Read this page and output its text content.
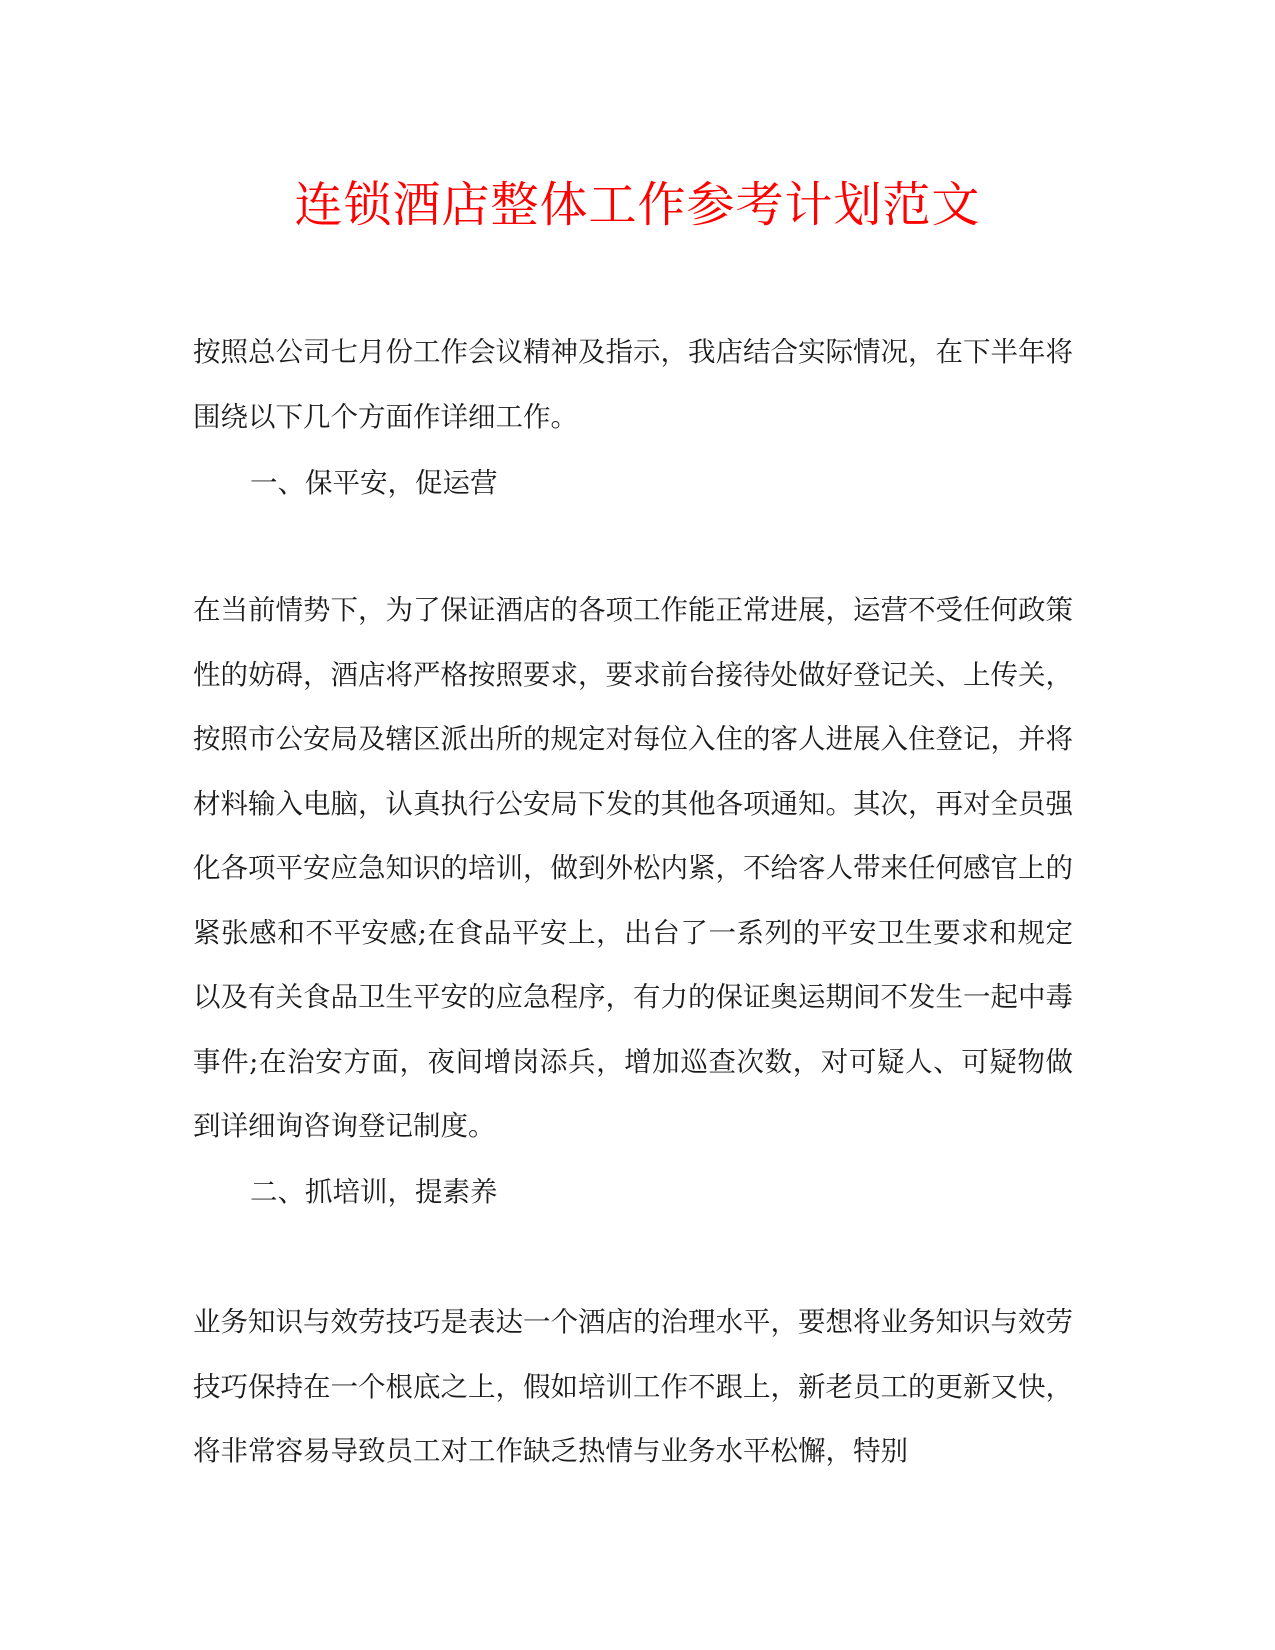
连锁酒店整体工作参考计划范文

按照总公司七月份工作会议精神及指示，我店结合实际情况，在下半年将围绕以下几个方面作详细工作。

一、保平安，促运营

在当前情势下，为了保证酒店的各项工作能正常进展，运营不受任何政策性的妨碍，酒店将严格按照要求，要求前台接待处做好登记关、上传关，按照市公安局及辖区派出所的规定对每位入住的客人进展入住登记，并将材料输入电脑，认真执行公安局下发的其他各项通知。其次，再对全员强化各项平安应急知识的培训，做到外松内紧，不给客人带来任何感官上的紧张感和不平安感;在食品平安上，出台了一系列的平安卫生要求和规定以及有关食品卫生平安的应急程序，有力的保证奥运期间不发生一起中毒事件;在治安方面，夜间增岗添兵，增加巡查次数，对可疑人、可疑物做到详细询咨询登记制度。

二、抓培训，提素养

业务知识与效劳技巧是表达一个酒店的治理水平，要想将业务知识与效劳技巧保持在一个根底之上，假如培训工作不跟上，新老员工的更新又快，将非常容易导致员工对工作缺乏热情与业务水平松懈，特别
